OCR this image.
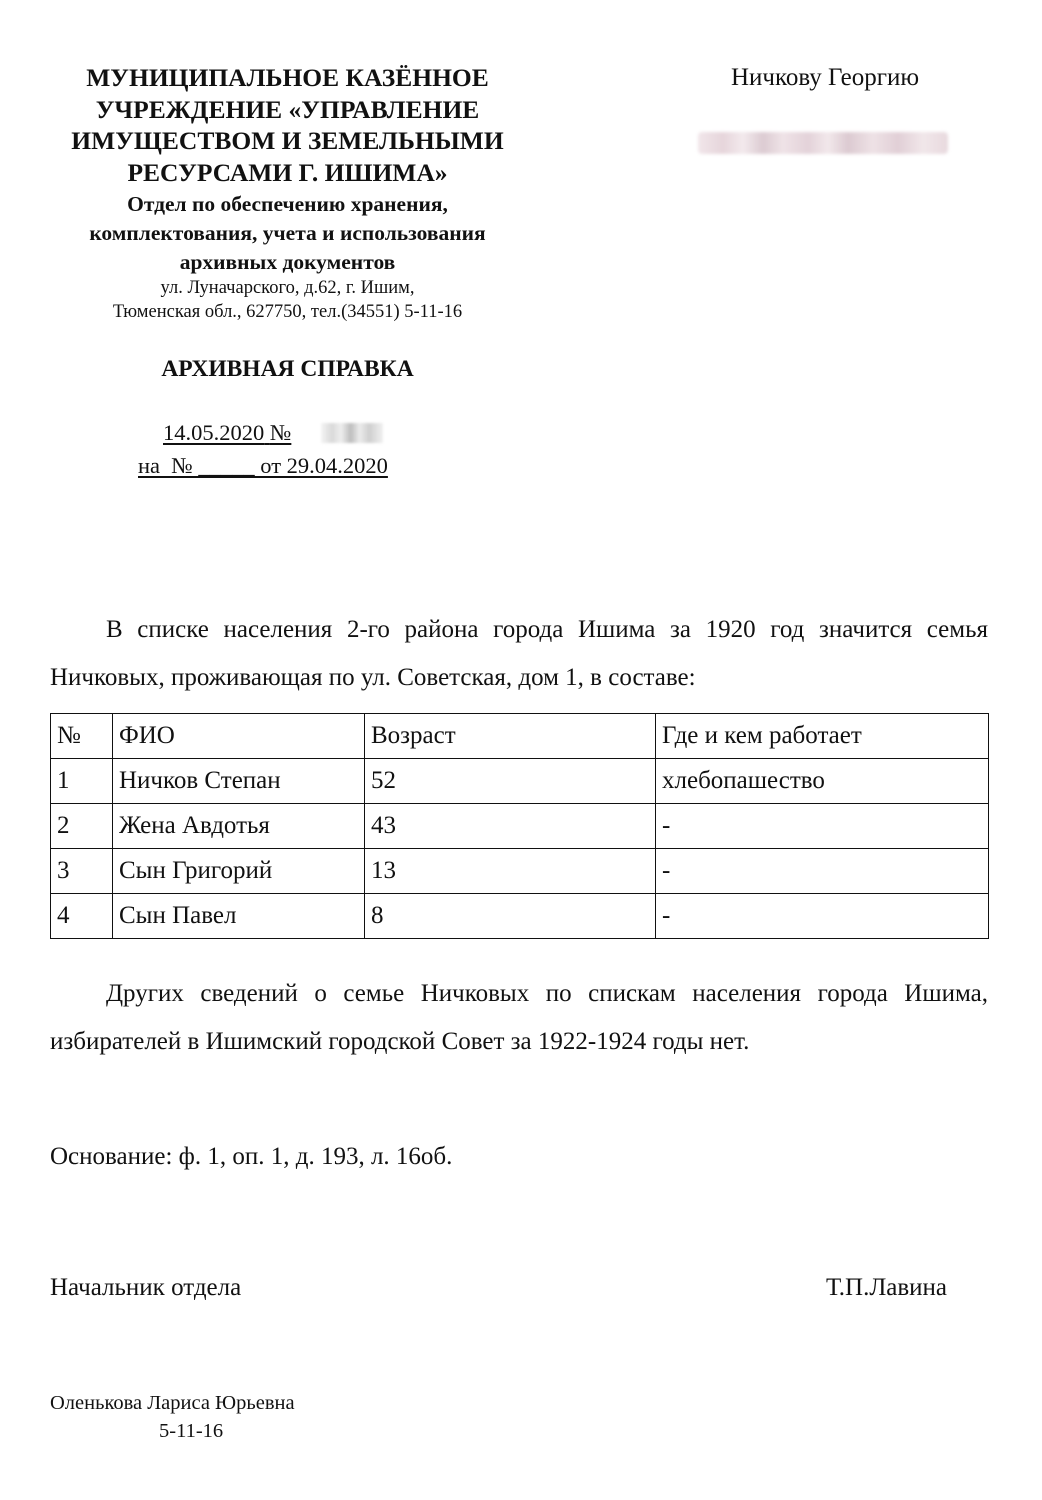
МУНИЦИПАЛЬНОЕ КАЗЁННОЕ
УЧРЕЖДЕНИЕ «УПРАВЛЕНИЕ
ИМУЩЕСТВОМ И ЗЕМЕЛЬНЫМИ
РЕСУРСАМИ Г. ИШИМА»
Отдел по обеспечению хранения,
комплектования, учета и использования
архивных документов
ул. Луначарского, д.62, г. Ишим,
Тюменская обл., 627750, тел.(34551) 5-11-16
Ничкову Георгию
АРХИВНАЯ СПРАВКА
14.05.2020 №
на  № _____ от 29.04.2020
В списке населения 2-го района города Ишима за 1920 год значится семья Ничковых, проживающая по ул. Советская, дом 1, в составе:
№	ФИО	Возраст	Где и кем работает
1	Ничков Степан	52	хлебопашество
2	Жена Авдотья	43	-
3	Сын Григорий	13	-
4	Сын Павел	8	-
Других сведений о семье Ничковых по спискам населения города Ишима, избирателей в Ишимский городской Совет за 1922-1924 годы нет.
Основание: ф. 1, оп. 1, д. 193, л. 16об.
Начальник отдела	Т.П.Лавина
Оленькова Лариса Юрьевна
5-11-16
